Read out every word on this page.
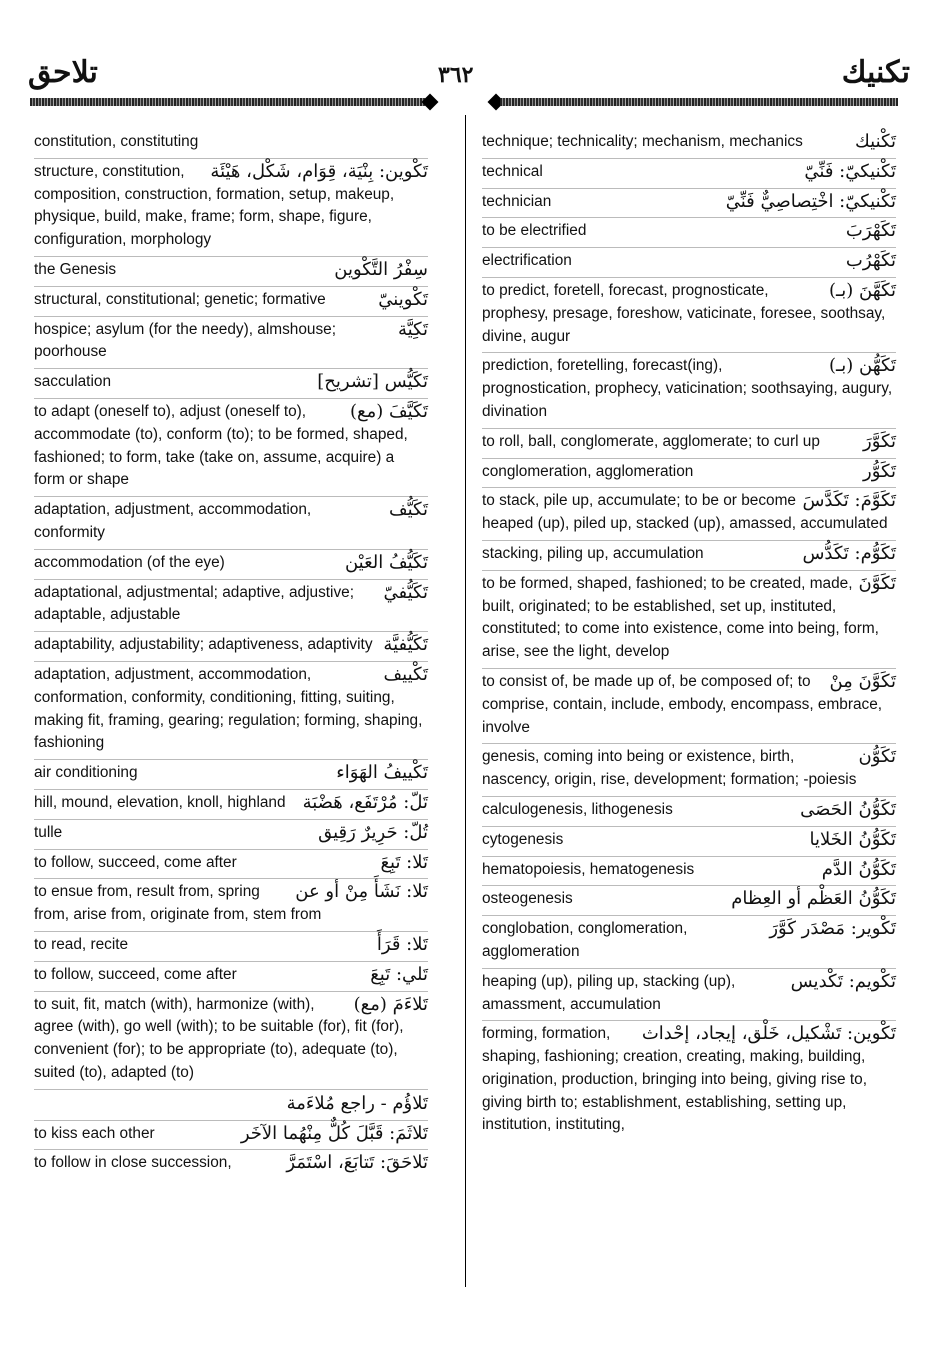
تلاحق	٣٦٢	تكنيك
constitution, constituting
تَكْوين: بِنْيَة، قِوَام، شَكْل، هَيْئَة
structure, constitution, composition, construction, formation, setup, makeup, physique, build, make, frame; form, shape, figure, configuration, morphology
سِفْرُ التَّكْوين
the Genesis
تَكْوينيّ
structural, constitutional; genetic; formative
تَكِيَّة
hospice; asylum (for the needy), almshouse; poorhouse
تَكَيُّس [تشريح]
sacculation
تَكَيَّفَ (مع)
to adapt (oneself to), adjust (oneself to), accommodate (to), conform (to); to be formed, shaped, fashioned; to form, take (take on, assume, acquire) a form or shape
تَكَيُّف
adaptation, adjustment, accommodation, conformity
تَكَيُّفُ العَيْن
accommodation (of the eye)
تَكَيُّفيّ
adaptational, adjustmental; adaptive, adjustive; adaptable, adjustable
تَكَيُّفيَّة
adaptability, adjustability; adaptiveness, adaptivity
تَكْييف
adaptation, adjustment, accommodation, conformation, conformity, conditioning, fitting, suiting, making fit, framing, gearing; regulation; forming, shaping, fashioning
تَكْييفُ الهَوَاء
air conditioning
تَلّ: مُرْتَفَع، هَضْبَة
hill, mound, elevation, knoll, highland
تُلّ: حَرِيرٌ رَقِيق
tulle
تَلا: تَبِعَ
to follow, succeed, come after
تَلا: نَشَأَ مِنْ أو عن
to ensue from, result from, spring from, arise from, originate from, stem from
تَلا: قَرَأَ
to read, recite
تَلي: تَبِعَ
to follow, succeed, come after
تَلاءَمَ (مع)
to suit, fit, match (with), harmonize (with), agree (with), go well (with); to be suitable (for), fit (for), convenient (for); to be appropriate (to), adequate (to), suited (to), adapted (to)
تَلاؤُم - راجع مُلاءَمة
تَلاثَمَ: قَبَّلَ كُلٌّ مِنْهُما الآخَر
to kiss each other
تَلاحَقَ: تَتابَعَ، اسْتَمَرَّ
to follow in close succession,
تَكْنيك
technique; technicality; mechanism, mechanics
تَكْنيكيّ: فَنِّيّ
technical
تَكْنيكيّ: اخْتِصاصِيٌّ فَنِّيّ
technician
تَكَهْرَبَ
to be electrified
تَكَهْرُب
electrification
تَكَهَّنَ (بـ)
to predict, foretell, forecast, prognosticate, prophesy, presage, foreshow, vaticinate, foresee, soothsay, divine, augur
تَكَهُّن (بـ)
prediction, foretelling, forecast(ing), prognostication, prophecy, vaticination; soothsaying, augury, divination
تَكَوَّرَ
to roll, ball, conglomerate, agglomerate; to curl up
تَكَوُّر
conglomeration, agglomeration
تَكَوَّمَ: تَكَدَّسَ
to stack, pile up, accumulate; to be or become heaped (up), piled up, stacked (up), amassed, accumulated
تَكَوُّم: تَكَدُّس
stacking, piling up, accumulation
تَكَوَّنَ
to be formed, shaped, fashioned; to be created, made, built, originated; to be established, set up, instituted, constituted; to come into existence, come into being, form, arise, see the light, develop
تَكَوَّنَ مِنْ
to consist of, be made up of, be composed of; to comprise, contain, include, embody, encompass, embrace, involve
تَكَوُّن
genesis, coming into being or existence, birth, nascency, origin, rise, development; formation; -poiesis
تَكَوُّنُ الحَصَى
calculogenesis, lithogenesis
تَكَوُّنُ الخَلايا
cytogenesis
تَكَوُّنُ الدَّم
hematopoiesis, hematogenesis
تَكَوُّنُ العَظْم أو العِظام
osteogenesis
تَكْوير: مَصْدَر كَوَّرَ
conglobation, conglomeration, agglomeration
تَكْويم: تَكْديس
heaping (up), piling up, stacking (up), amassment, accumulation
تَكْوين: تَشْكيل، خَلْق، إيجاد، إحْداث
forming, formation, shaping, fashioning; creation, creating, making, building, origination, production, bringing into being, giving rise to, giving birth to; establishment, establishing, setting up, institution, instituting,
